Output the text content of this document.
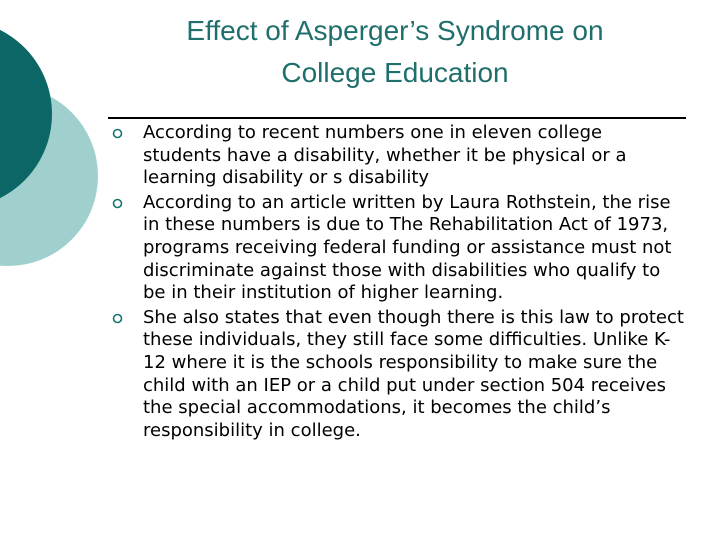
Effect of Asperger’s Syndrome on
College Education
According to recent numbers one in eleven college students have a disability, whether it be physical or a learning disability or s disability
According to an article written by Laura Rothstein, the rise in these numbers is due to The Rehabilitation Act of 1973, programs receiving federal funding or assistance must not discriminate against those with disabilities who qualify to be in their institution of higher learning.
She also states that even though there is this law to protect these individuals, they still face some difficulties. Unlike K-12 where it is the schools responsibility to make sure the child with an IEP or a child put under section 504 receives the special accommodations, it becomes the child’s responsibility in college.
